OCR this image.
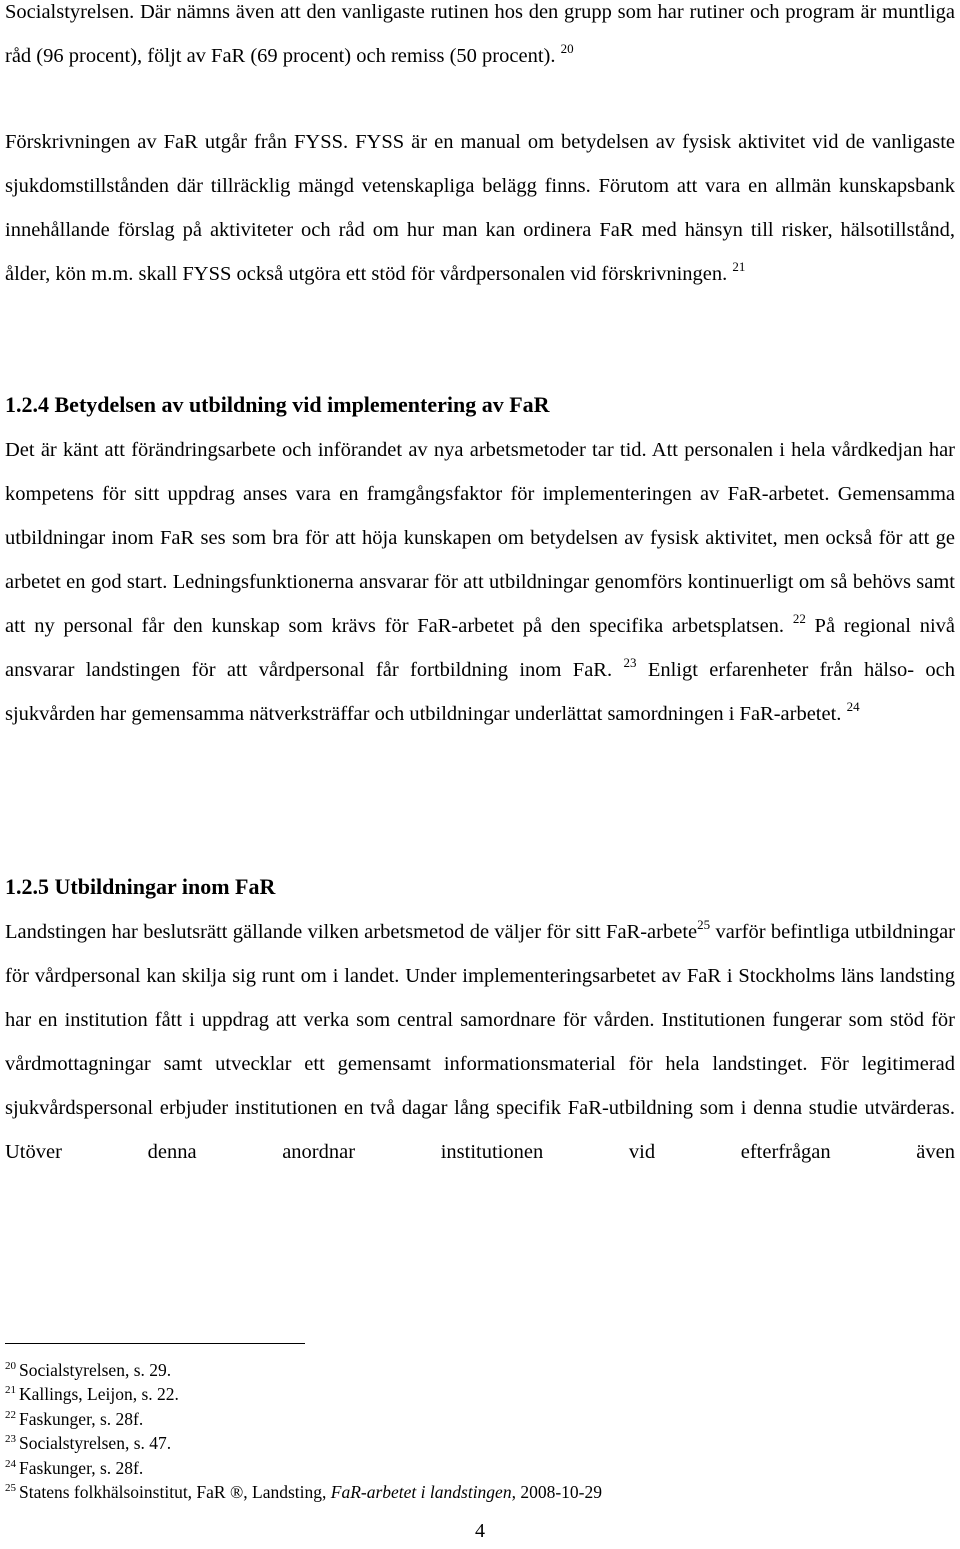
Socialstyrelsen. Där nämns även att den vanligaste rutinen hos den grupp som har rutiner och program är muntliga råd (96 procent), följt av FaR (69 procent) och remiss (50 procent). $^{20}$

Förskrivningen av FaR utgår från FYSS. FYSS är en manual om betydelsen av fysisk aktivitet vid de vanligaste sjukdomstillstånden där tillräcklig mängd vetenskapliga belägg finns. Förutom att vara en allmän kunskapsbank innehållande förslag på aktiviteter och råd om hur man kan ordinera FaR med hänsyn till risker, hälsotillstånd, ålder, kön m.m. skall FYSS också utgöra ett stöd för vårdpersonalen vid förskrivningen. $^{21}$

1.2.4 Betydelsen av utbildning vid implementering av FaR

Det är känt att förändringsarbete och införandet av nya arbetsmetoder tar tid. Att personalen i hela vårdkedjan har kompetens för sitt uppdrag anses vara en framgångsfaktor för implementeringen av FaR-arbetet. Gemensamma utbildningar inom FaR ses som bra för att höja kunskapen om betydelsen av fysisk aktivitet, men också för att ge arbetet en god start. Ledningsfunktionerna ansvarar för att utbildningar genomförs kontinuerligt om så behövs samt att ny personal får den kunskap som krävs för FaR-arbetet på den specifika arbetsplatsen. $^{22}$ På regional nivå ansvarar landstingen för att vårdpersonal får fortbildning inom FaR. $^{23}$ Enligt erfarenheter från hälso- och sjukvården har gemensamma nätverksträffar och utbildningar underlättat samordningen i FaR-arbetet. $^{24}$

1.2.5 Utbildningar inom FaR

Landstingen har beslutsrätt gällande vilken arbetsmetod de väljer för sitt FaR-arbete$^{25}$ varför befintliga utbildningar för vårdpersonal kan skilja sig runt om i landet. Under implementeringsarbetet av FaR i Stockholms läns landsting har en institution fått i uppdrag att verka som central samordnare för vården. Institutionen fungerar som stöd för vårdmottagningar samt utvecklar ett gemensamt informationsmaterial för hela landstinget. För legitimerad sjukvårdspersonal erbjuder institutionen en två dagar lång specifik FaR-utbildning som i denna studie utvärderas. Utöver denna anordnar institutionen vid efterfrågan även

$^{20}$ Socialstyrelsen, s. 29.

$^{21}$ Kallings, Leijon, s. 22.

$^{22}$ Faskunger, s. 28f.

$^{23}$ Socialstyrelsen, s. 47.

$^{24}$ Faskunger, s. 28f.

$^{25}$ Statens folkhälsoinstitut, FaR ®, Landsting, FaR-arbetet i landstingen, 2008-10-29

4
